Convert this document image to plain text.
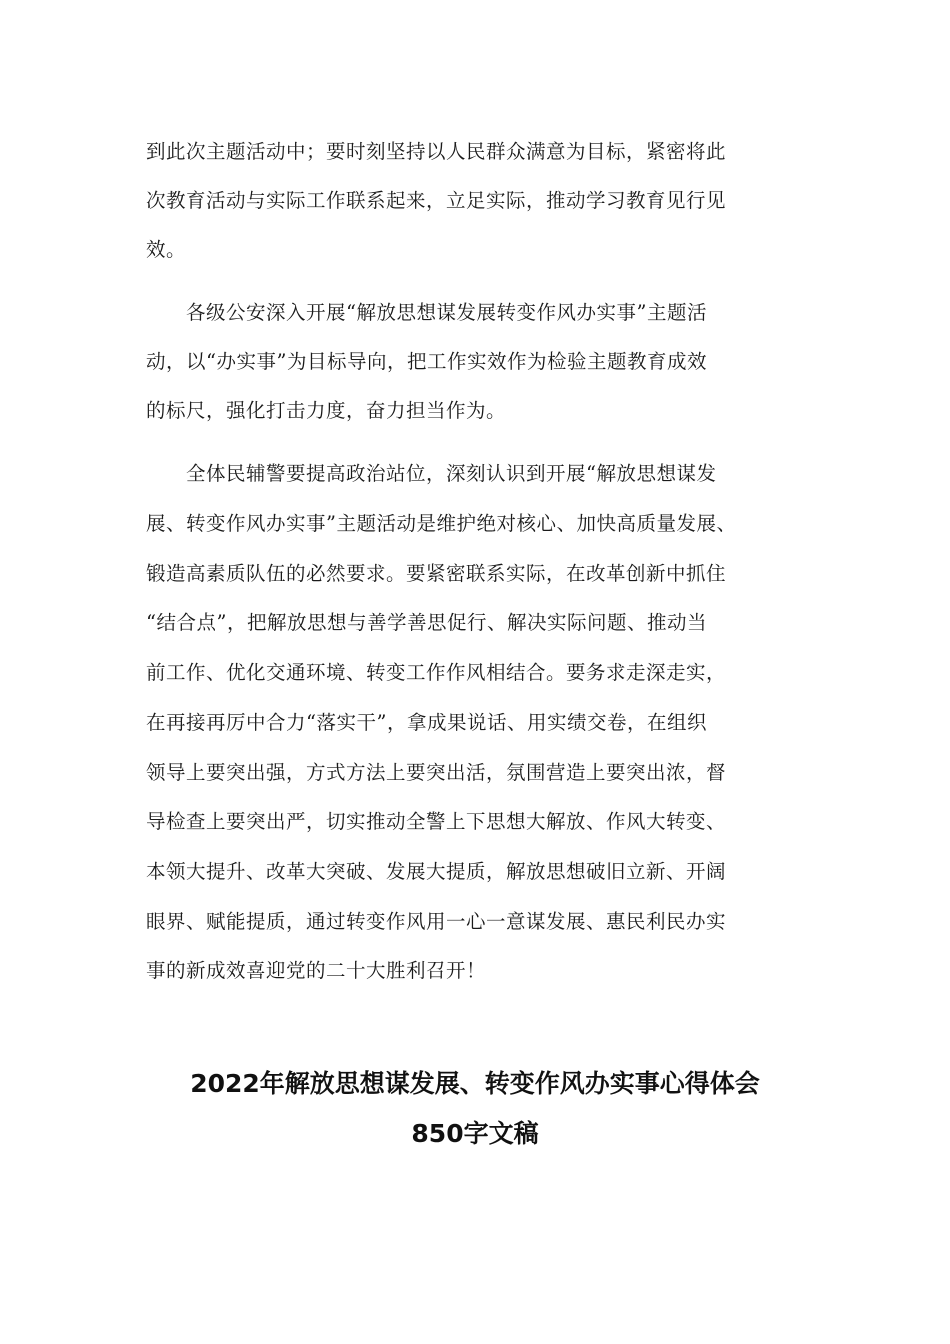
到此次主题活动中；要时刻坚持以人民群众满意为目标，紧密将此
次教育活动与实际工作联系起来，立足实际，推动学习教育见行见
效。
　　各级公安深入开展“解放思想谋发展转变作风办实事”主题活
动，以“办实事”为目标导向，把工作实效作为检验主题教育成效
的标尺，强化打击力度，奋力担当作为。
　　全体民辅警要提高政治站位，深刻认识到开展“解放思想谋发
展、转变作风办实事”主题活动是维护绝对核心、加快高质量发展、
锻造高素质队伍的必然要求。要紧密联系实际，在改革创新中抓住
“结合点”，把解放思想与善学善思促行、解决实际问题、推动当
前工作、优化交通环境、转变工作作风相结合。要务求走深走实，
在再接再厉中合力“落实干”，拿成果说话、用实绩交卷，在组织
领导上要突出强，方式方法上要突出活，氛围营造上要突出浓，督
导检查上要突出严，切实推动全警上下思想大解放、作风大转变、
本领大提升、改革大突破、发展大提质，解放思想破旧立新、开阔
眼界、赋能提质，通过转变作风用一心一意谋发展、惠民利民办实
事的新成效喜迎党的二十大胜利召开！
2022年解放思想谋发展、转变作风办实事心得体会
850字文稿
